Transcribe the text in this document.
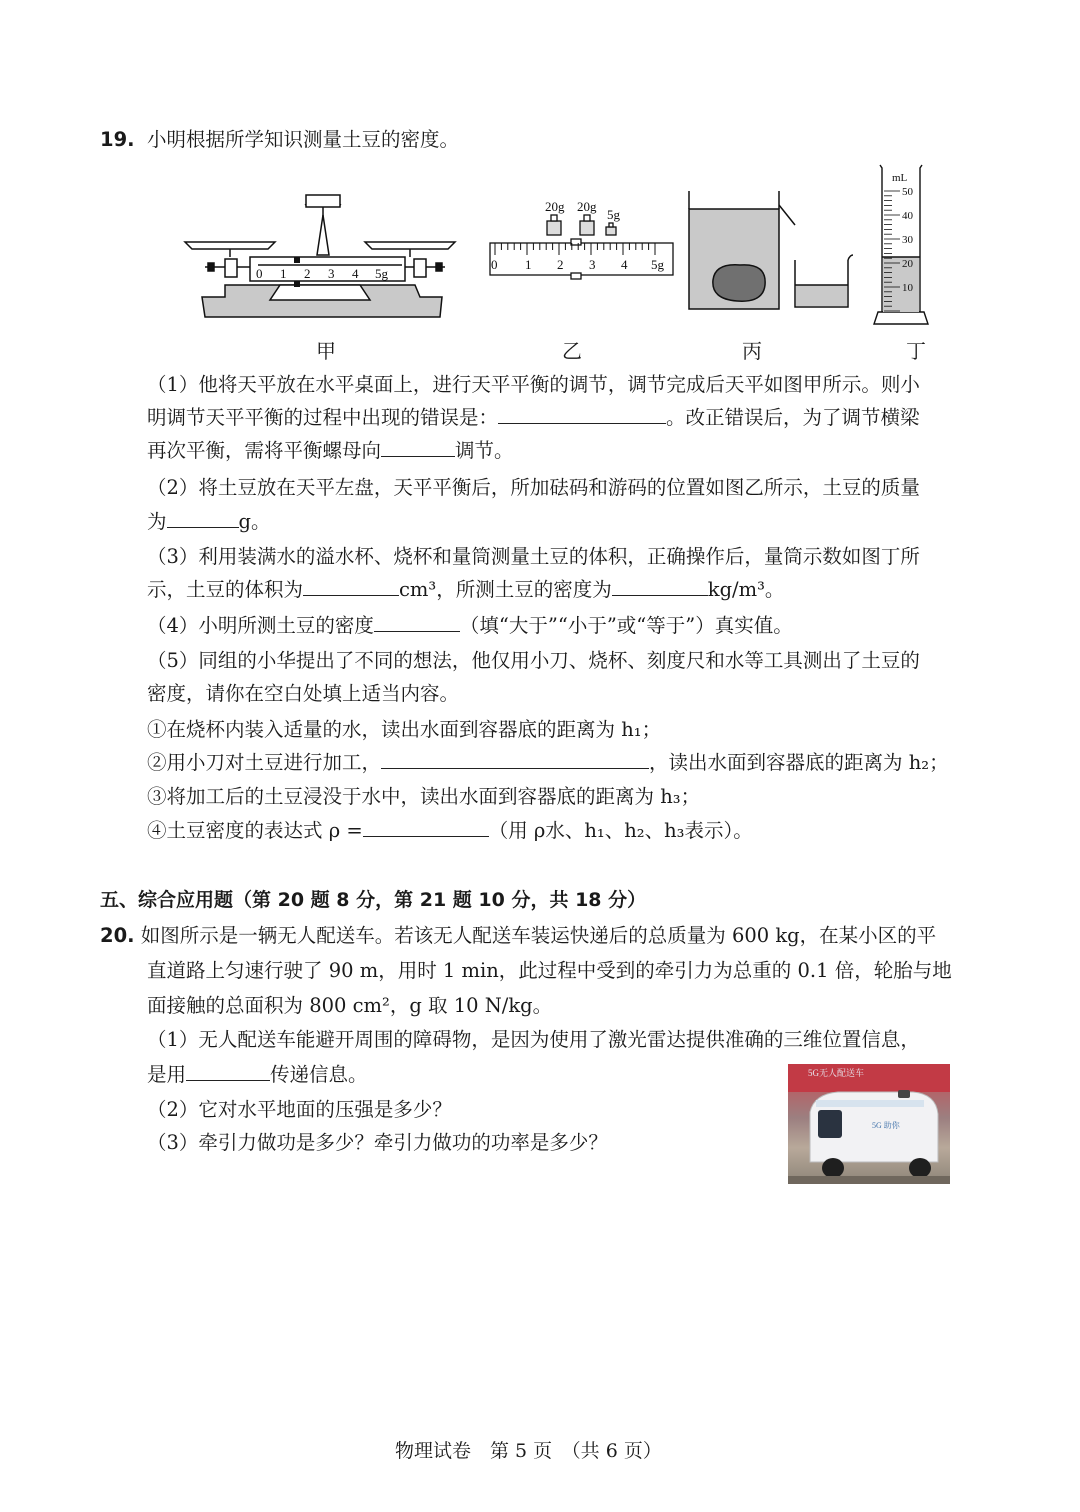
19. 小明根据所学知识测量土豆的密度。
0 1 2 3 4 5g
20g 20g
5g
0 1 2 3 4 5g
mL
50
40
30
20
10
甲	乙	丙	丁
（1）他将天平放在水平桌面上，进行天平平衡的调节，调节完成后天平如图甲所示。则小
明调节天平平衡的过程中出现的错误是：	。改正错误后，为了调节横梁
再次平衡，需将平衡螺母向	调节。
（2）将土豆放在天平左盘，天平平衡后，所加砝码和游码的位置如图乙所示，土豆的质量
为	g。
（3）利用装满水的溢水杯、烧杯和量筒测量土豆的体积，正确操作后，量筒示数如图丁所
示，土豆的体积为	cm³，所测土豆的密度为	kg/m³。
（4）小明所测土豆的密度	（填“大于”“小于”或“等于”）真实值。
（5）同组的小华提出了不同的想法，他仅用小刀、烧杯、刻度尺和水等工具测出了土豆的
密度，请你在空白处填上适当内容。
①在烧杯内装入适量的水，读出水面到容器底的距离为 h₁；
②用小刀对土豆进行加工，	，读出水面到容器底的距离为 h₂；
③将加工后的土豆浸没于水中，读出水面到容器底的距离为 h₃；
④土豆密度的表达式 ρ =	（用 ρ水、h₁、h₂、h₃表示）。
五、综合应用题（第 20 题 8 分，第 21 题 10 分，共 18 分）
20. 如图所示是一辆无人配送车。若该无人配送车装运快递后的总质量为 600 kg，在某小区的平
直道路上匀速行驶了 90 m，用时 1 min，此过程中受到的牵引力为总重的 0.1 倍，轮胎与地
面接触的总面积为 800 cm²，g 取 10 N/kg。
（1）无人配送车能避开周围的障碍物，是因为使用了激光雷达提供准确的三维位置信息，
是用	传递信息。
（2）它对水平地面的压强是多少？
（3）牵引力做功是多少？牵引力做功的功率是多少？
5G无人配送车
5G 助你
物理试卷　第 5 页　（共 6 页）
